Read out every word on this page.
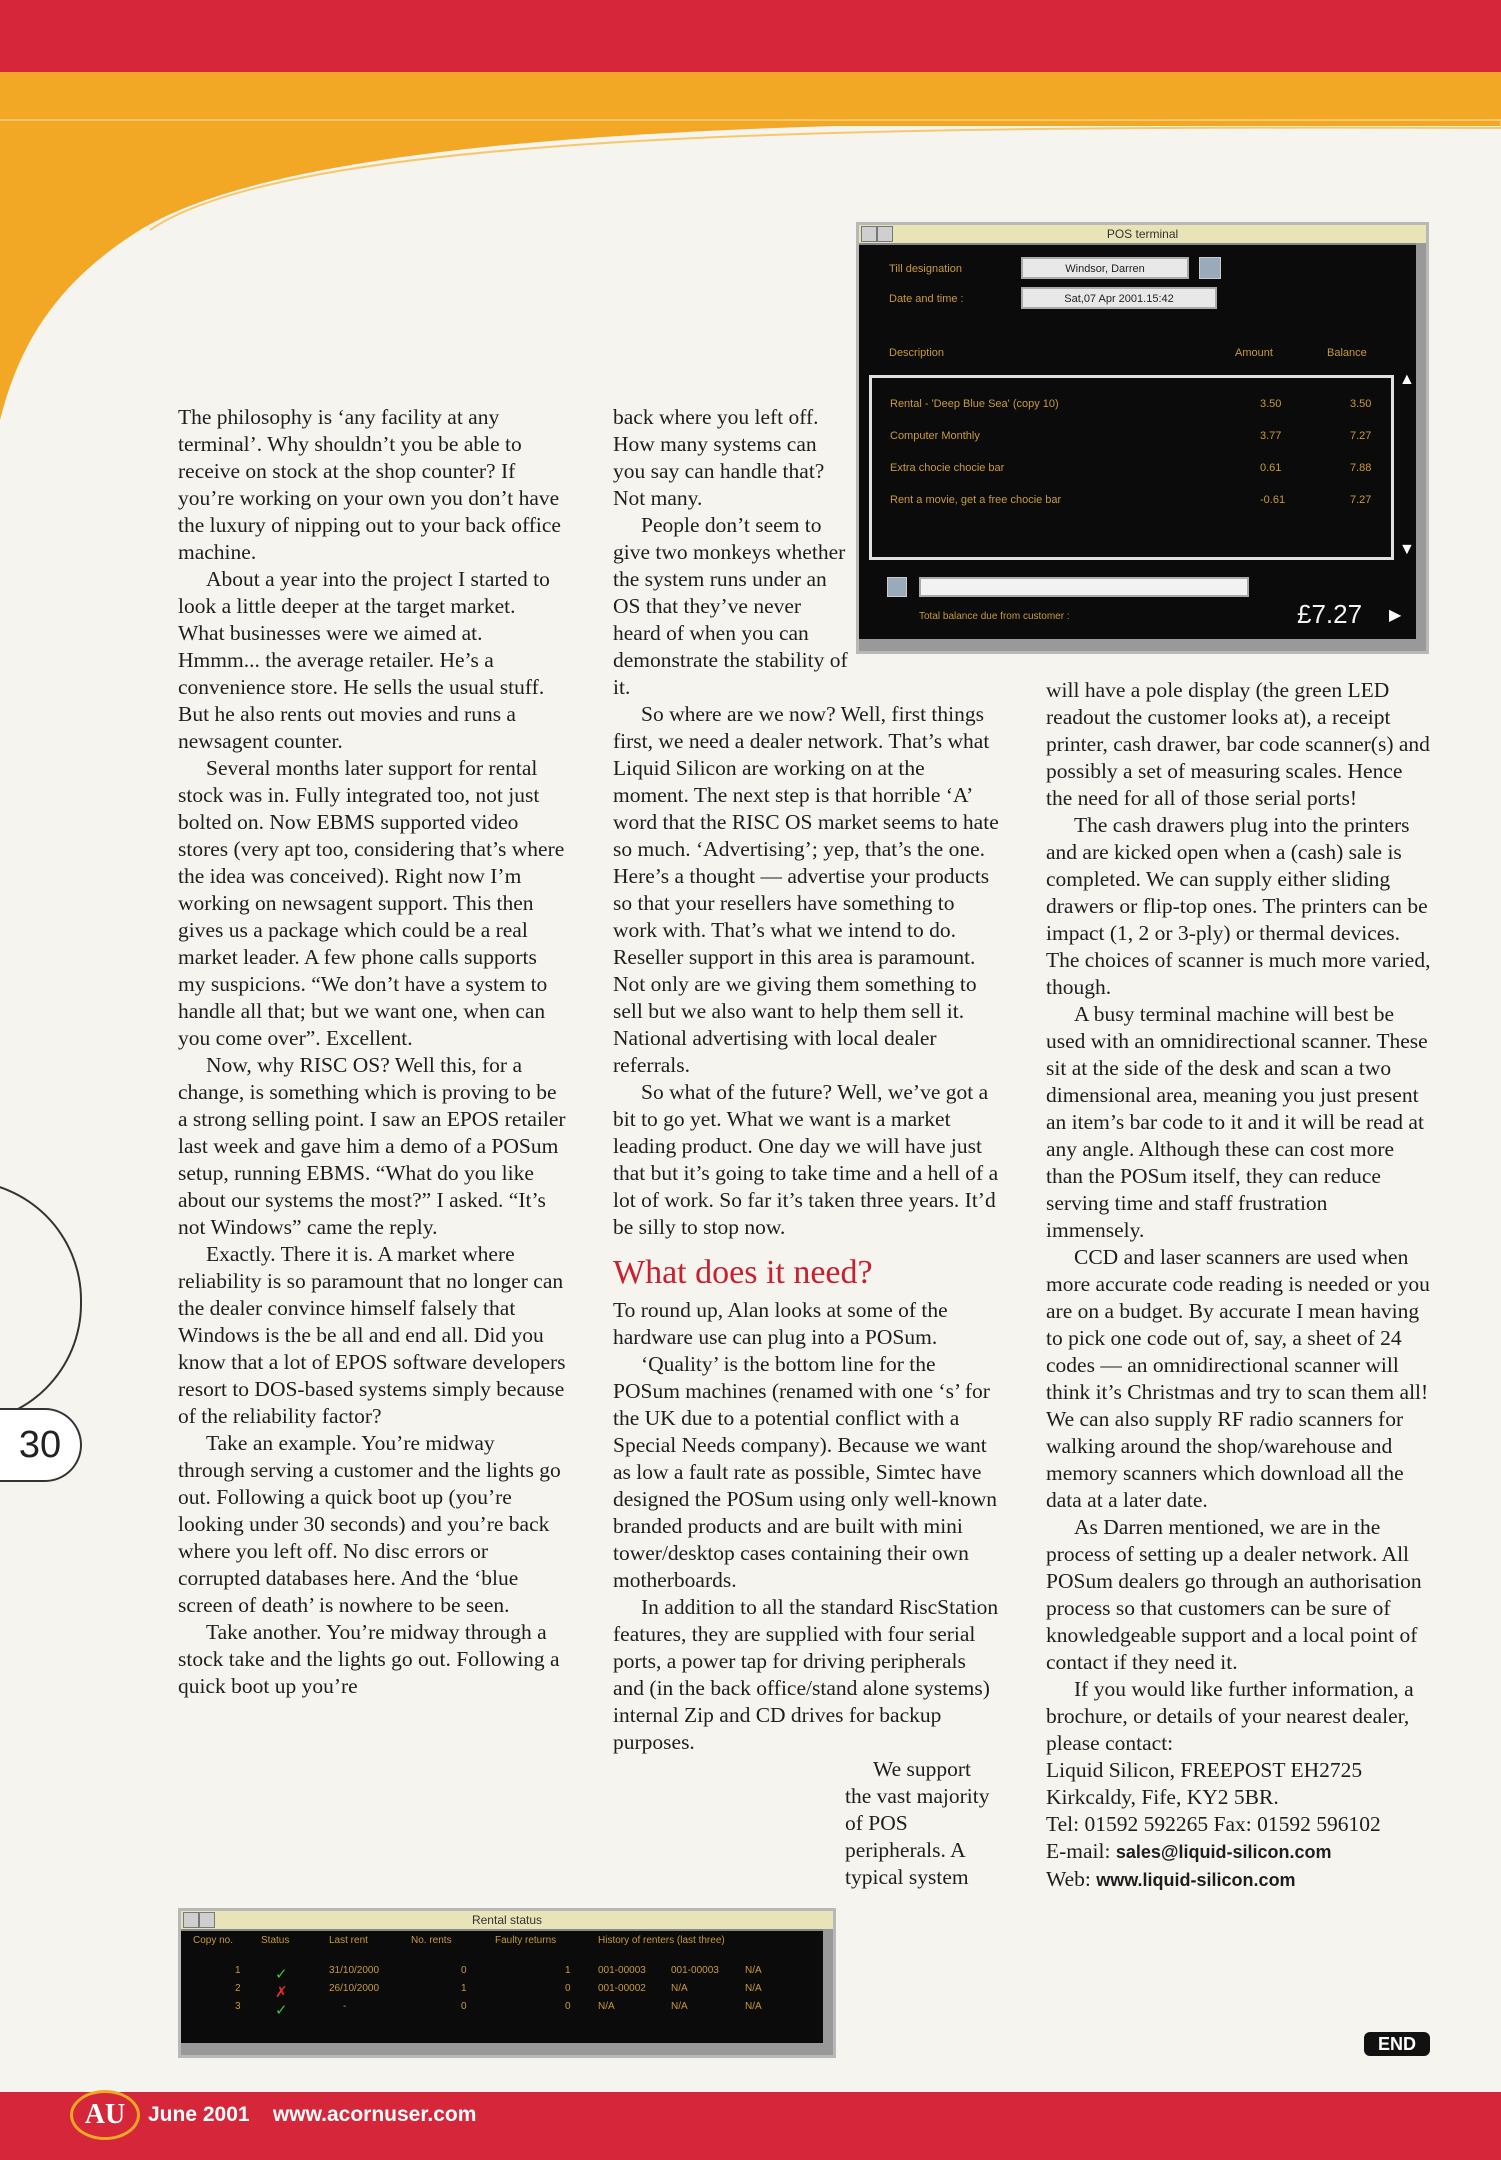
30
POS terminal
Till designation	Windsor, Darren
Date and time :	Sat,07 Apr 2001.15:42
Description	Amount	Balance
Rental - 'Deep Blue Sea' (copy 10)	3.50	3.50
Computer Monthly	3.77	7.27
Extra chocie chocie bar	0.61	7.88
Rent a movie, get a free chocie bar	-0.61	7.27
▲
▼
Total balance due from customer :	£7.27 ▶
Rental status
Copy no.	Status	Last rent	No. rents	Faulty returns	History of renters (last three)
1 ✓	31/10/2000	0	1	001-00003	001-00003	N/A
2 ✗	26/10/2000	1	0	001-00002	N/A	N/A
3 ✓	-	0	0	N/A	N/A	N/A

The philosophy is ‘any facility at any terminal’. Why shouldn’t you be able to receive on stock at the shop counter? If you’re working on your own you don’t have the luxury of nipping out to your back office machine.

About a year into the project I started to look a little deeper at the target market. What businesses were we aimed at. Hmmm... the average retailer. He’s a convenience store. He sells the usual stuff. But he also rents out movies and runs a newsagent counter.

Several months later support for rental stock was in. Fully integrated too, not just bolted on. Now EBMS supported video stores (very apt too, considering that’s where the idea was conceived). Right now I’m working on newsagent support. This then gives us a package which could be a real market leader. A few phone calls supports my suspicions. “We don’t have a system to handle all that; but we want one, when can you come over”. Excellent.

Now, why RISC OS? Well this, for a change, is something which is proving to be a strong selling point. I saw an EPOS retailer last week and gave him a demo of a POSum setup, running EBMS. “What do you like about our systems the most?” I asked. “It’s not Windows” came the reply.

Exactly. There it is. A market where reliability is so paramount that no longer can the dealer convince himself falsely that Windows is the be all and end all. Did you know that a lot of EPOS software developers resort to DOS-based systems simply because of the reliability factor?

Take an example. You’re midway through serving a customer and the lights go out. Following a quick boot up (you’re looking under 30 seconds) and you’re back where you left off. No disc errors or corrupted databases here. And the ‘blue screen of death’ is nowhere to be seen.

Take another. You’re midway through a stock take and the lights go out. Following a quick boot up you’re

back where you left off. How many systems can you say can handle that? Not many.

People don’t seem to give two monkeys whether the system runs under an OS that they’ve never heard of when you can demonstrate the stability of it.

So where are we now? Well, first things first, we need a dealer network. That’s what Liquid Silicon are working on at the moment. The next step is that horrible ‘A’ word that the RISC OS market seems to hate so much. ‘Advertising’; yep, that’s the one. Here’s a thought — advertise your products so that your resellers have something to work with. That’s what we intend to do. Reseller support in this area is paramount. Not only are we giving them something to sell but we also want to help them sell it. National advertising with local dealer referrals.

So what of the future? Well, we’ve got a bit to go yet. What we want is a market leading product. One day we will have just that but it’s going to take time and a hell of a lot of work. So far it’s taken three years. It’d be silly to stop now.

What does it need?

To round up, Alan looks at some of the hardware use can plug into a POSum.

‘Quality’ is the bottom line for the POSum machines (renamed with one ‘s’ for the UK due to a potential conflict with a Special Needs company). Because we want as low a fault rate as possible, Simtec have designed the POSum using only well-known branded products and are built with mini tower/desktop cases containing their own motherboards.

In addition to all the standard RiscStation features, they are supplied with four serial ports, a power tap for driving peripherals and (in the back office/stand alone systems) internal Zip and CD drives for backup purposes.

We support the vast majority of POS peripherals. A typical system

will have a pole display (the green LED readout the customer looks at), a receipt printer, cash drawer, bar code scanner(s) and possibly a set of measuring scales. Hence the need for all of those serial ports!

The cash drawers plug into the printers and are kicked open when a (cash) sale is completed. We can supply either sliding drawers or flip-top ones. The printers can be impact (1, 2 or 3-ply) or thermal devices. The choices of scanner is much more varied, though.

A busy terminal machine will best be used with an omnidirectional scanner. These sit at the side of the desk and scan a two dimensional area, meaning you just present an item’s bar code to it and it will be read at any angle. Although these can cost more than the POSum itself, they can reduce serving time and staff frustration immensely.

CCD and laser scanners are used when more accurate code reading is needed or you are on a budget. By accurate I mean having to pick one code out of, say, a sheet of 24 codes — an omnidirectional scanner will think it’s Christmas and try to scan them all! We can also supply RF radio scanners for walking around the shop/warehouse and memory scanners which download all the data at a later date.

As Darren mentioned, we are in the process of setting up a dealer network. All POSum dealers go through an authorisation process so that customers can be sure of knowledgeable support and a local point of contact if they need it.

If you would like further information, a brochure, or details of your nearest dealer, please contact:

Liquid Silicon, FREEPOST EH2725

Kirkcaldy, Fife, KY2 5BR.

Tel: 01592 592265 Fax: 01592 596102

E-mail: sales@liquid-silicon.com

Web: www.liquid-silicon.com

END
AU	June 2001 www.acornuser.com
